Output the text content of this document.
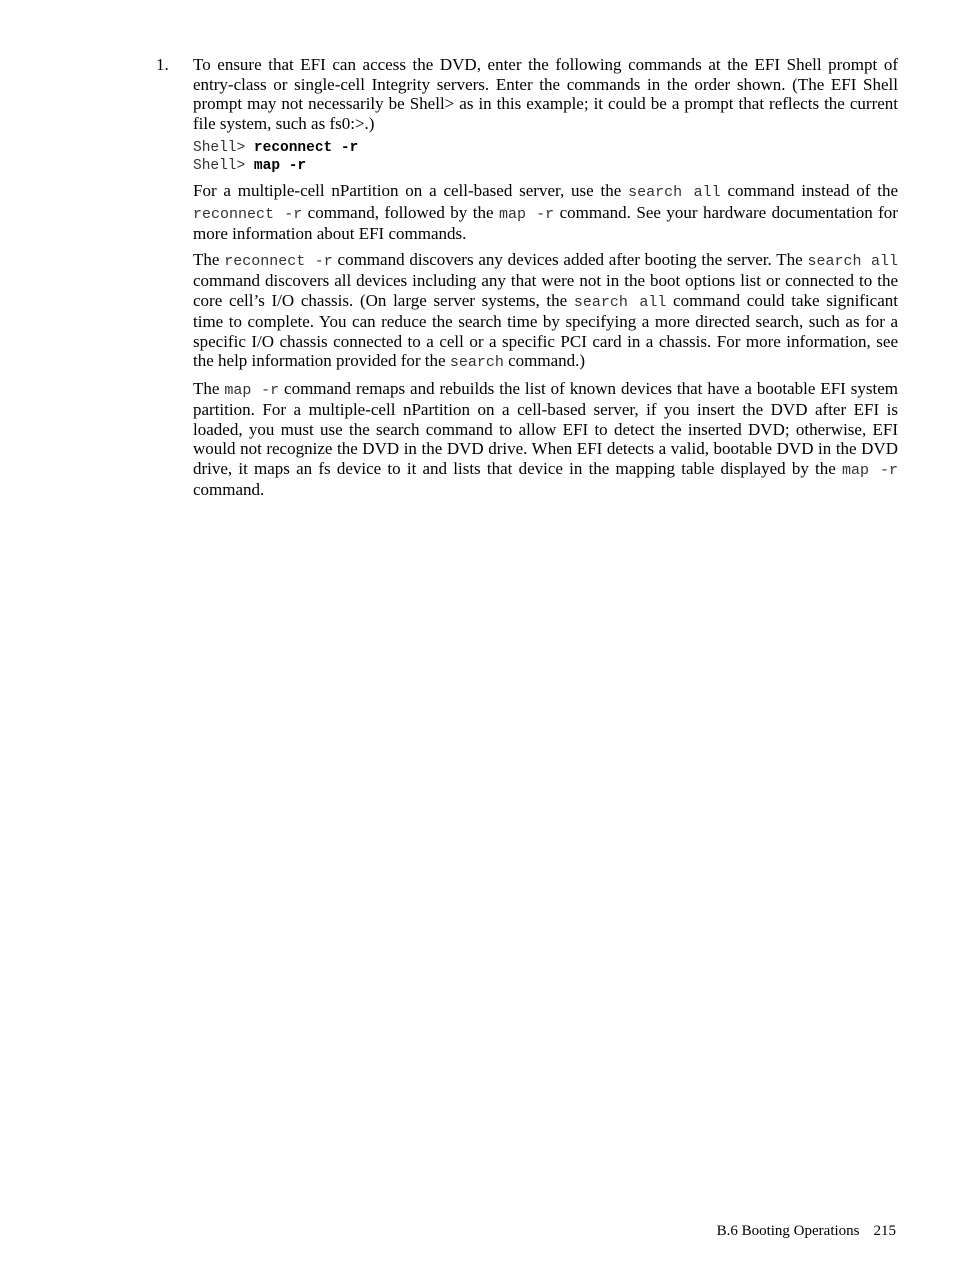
1. To ensure that EFI can access the DVD, enter the following commands at the EFI Shell prompt of entry-class or single-cell Integrity servers. Enter the commands in the order shown. (The EFI Shell prompt may not necessarily be Shell> as in this example; it could be a prompt that reflects the current file system, such as fs0:>.)

Shell> reconnect -r
Shell> map -r

For a multiple-cell nPartition on a cell-based server, use the search all command instead of the reconnect -r command, followed by the map -r command. See your hardware documentation for more information about EFI commands.

The reconnect -r command discovers any devices added after booting the server. The search all command discovers all devices including any that were not in the boot options list or connected to the core cell’s I/O chassis. (On large server systems, the search all command could take significant time to complete. You can reduce the search time by specifying a more directed search, such as for a specific I/O chassis connected to a cell or a specific PCI card in a chassis. For more information, see the help information provided for the search command.)

The map -r command remaps and rebuilds the list of known devices that have a bootable EFI system partition. For a multiple-cell nPartition on a cell-based server, if you insert the DVD after EFI is loaded, you must use the search command to allow EFI to detect the inserted DVD; otherwise, EFI would not recognize the DVD in the DVD drive. When EFI detects a valid, bootable DVD in the DVD drive, it maps an fs device to it and lists that device in the mapping table displayed by the map -r command.

B.6 Booting Operations 215
